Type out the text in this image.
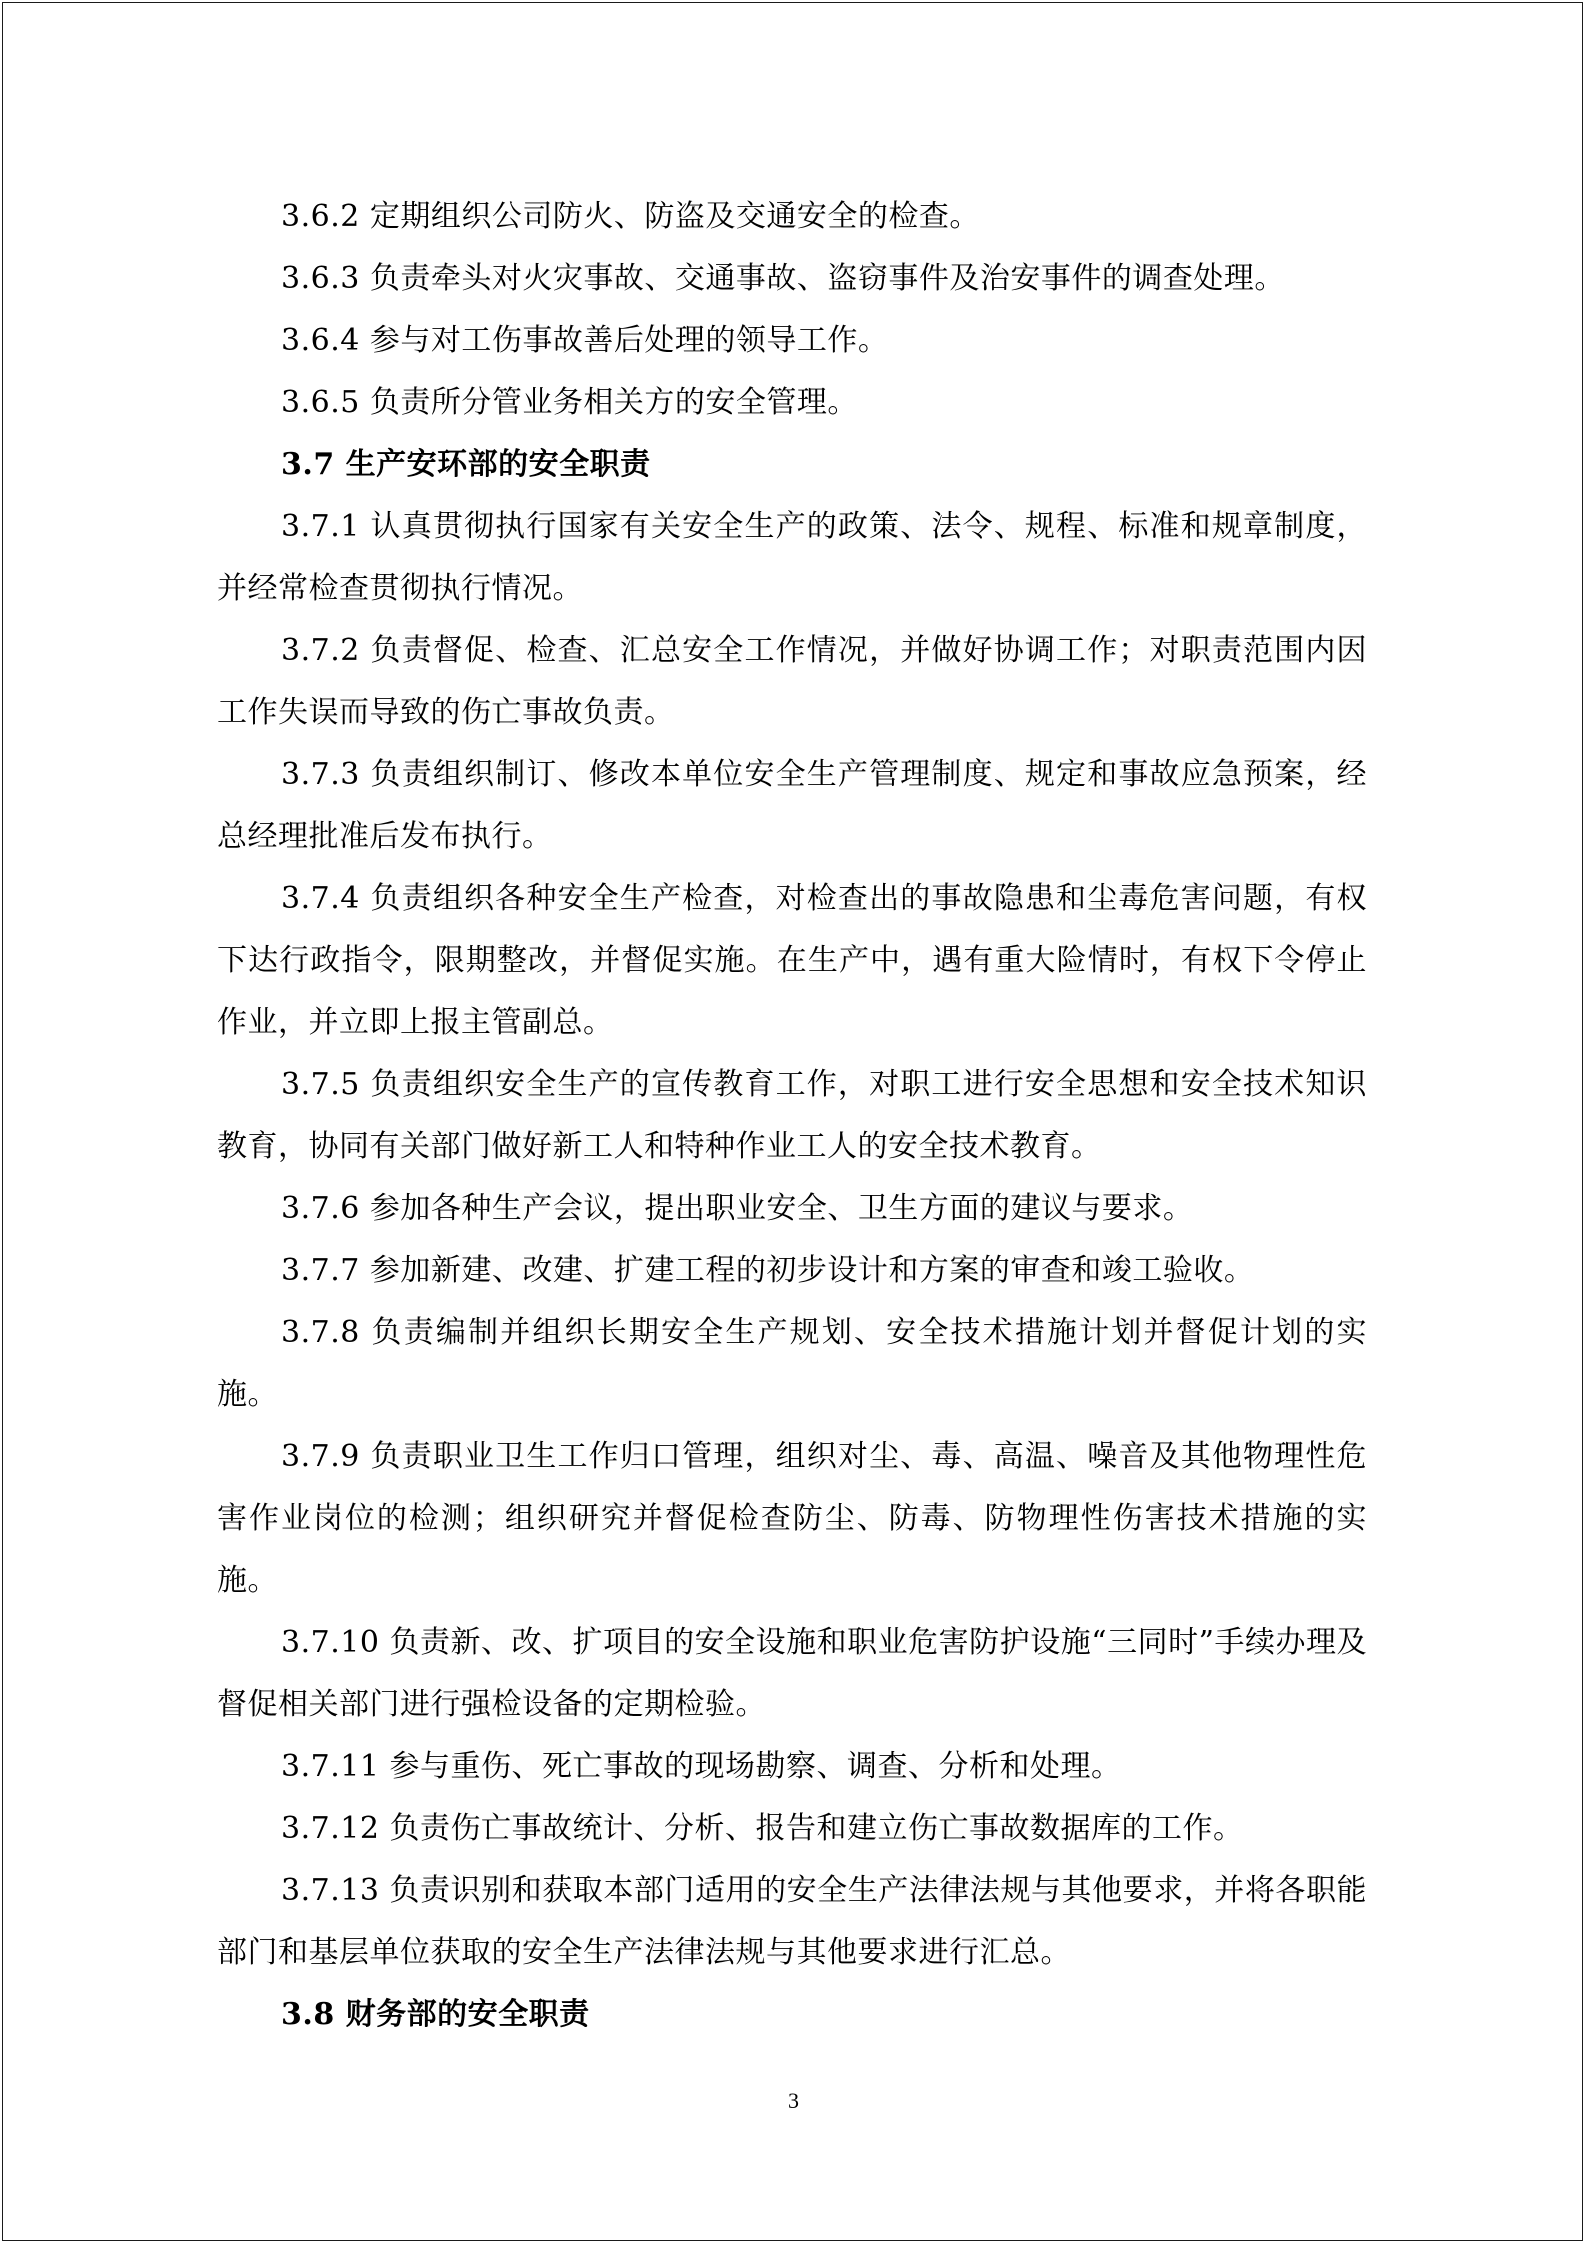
3.6.2 定期组织公司防火、防盗及交通安全的检查。

3.6.3 负责牵头对火灾事故、交通事故、盗窃事件及治安事件的调查处理。

3.6.4 参与对工伤事故善后处理的领导工作。

3.6.5 负责所分管业务相关方的安全管理。

3.7 生产安环部的安全职责

3.7.1 认真贯彻执行国家有关安全生产的政策、法令、规程、标准和规章制度，并经常检查贯彻执行情况。

3.7.2 负责督促、检查、汇总安全工作情况，并做好协调工作；对职责范围内因工作失误而导致的伤亡事故负责。

3.7.3 负责组织制订、修改本单位安全生产管理制度、规定和事故应急预案，经总经理批准后发布执行。

3.7.4 负责组织各种安全生产检查，对检查出的事故隐患和尘毒危害问题，有权下达行政指令，限期整改，并督促实施。在生产中，遇有重大险情时，有权下令停止作业，并立即上报主管副总。

3.7.5 负责组织安全生产的宣传教育工作，对职工进行安全思想和安全技术知识教育，协同有关部门做好新工人和特种作业工人的安全技术教育。

3.7.6 参加各种生产会议，提出职业安全、卫生方面的建议与要求。

3.7.7 参加新建、改建、扩建工程的初步设计和方案的审查和竣工验收。

3.7.8 负责编制并组织长期安全生产规划、安全技术措施计划并督促计划的实施。

3.7.9 负责职业卫生工作归口管理，组织对尘、毒、高温、噪音及其他物理性危害作业岗位的检测；组织研究并督促检查防尘、防毒、防物理性伤害技术措施的实施。

3.7.10 负责新、改、扩项目的安全设施和职业危害防护设施“三同时”手续办理及督促相关部门进行强检设备的定期检验。

3.7.11 参与重伤、死亡事故的现场勘察、调查、分析和处理。

3.7.12 负责伤亡事故统计、分析、报告和建立伤亡事故数据库的工作。

3.7.13 负责识别和获取本部门适用的安全生产法律法规与其他要求，并将各职能部门和基层单位获取的安全生产法律法规与其他要求进行汇总。

3.8 财务部的安全职责

3
